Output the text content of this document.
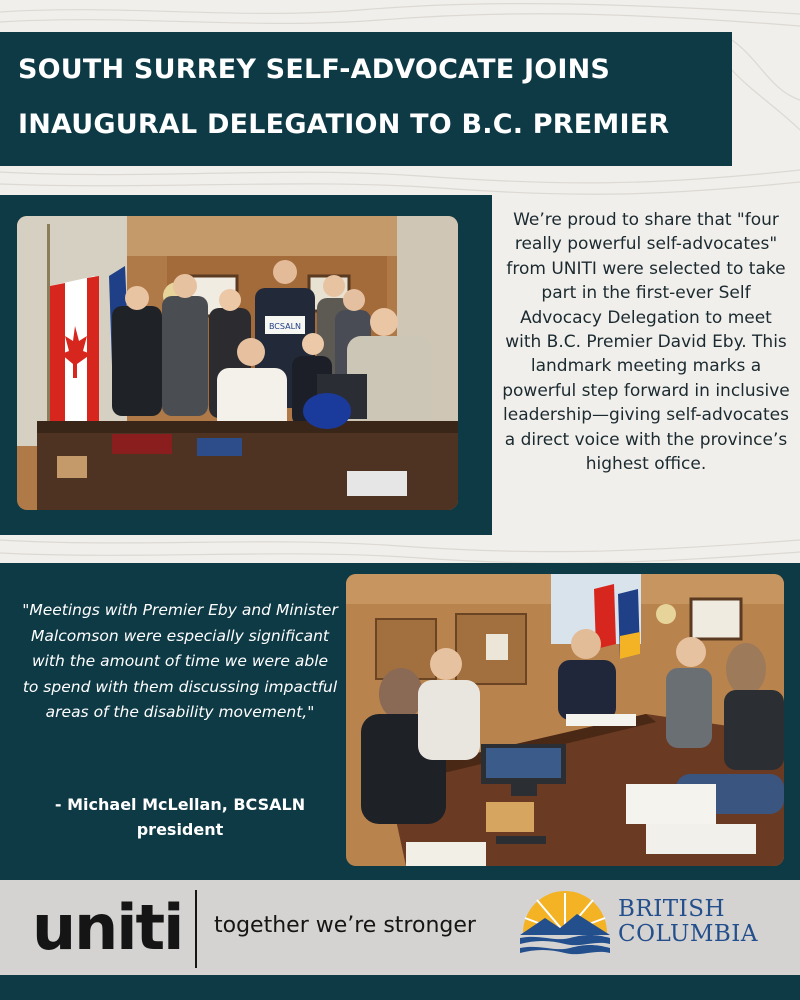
SOUTH SURREY SELF-ADVOCATE JOINS
INAUGURAL DELEGATION TO B.C. PREMIER
We’re proud to share that "four really powerful self-advocates" from UNITI were selected to take part in the first-ever Self Advocacy Delegation to meet with B.C. Premier David Eby. This landmark meeting marks a powerful step forward in inclusive leadership—giving self-advocates a direct voice with the province’s highest office.
BCSALN
"Meetings with Premier Eby and Minister Malcomson were especially significant with the amount of time we were able to spend with them discussing impactful areas of the disability movement,"
- Michael McLellan, BCSALN president
uniti together we’re stronger
BRITISH
COLUMBIA
